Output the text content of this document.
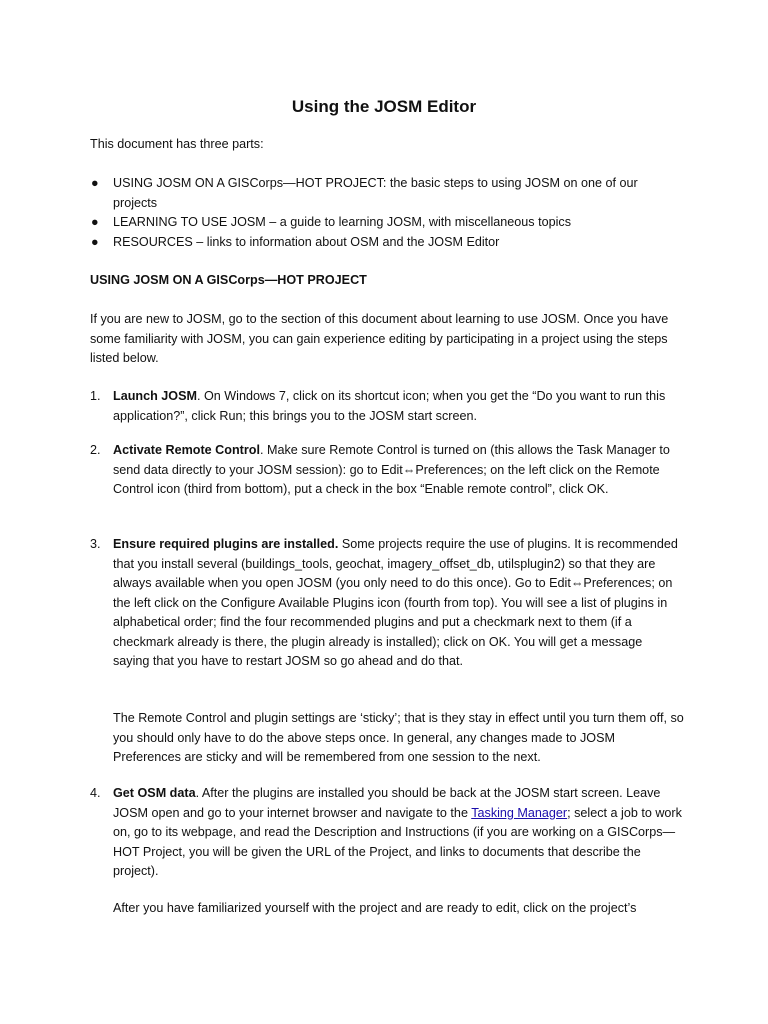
Using the JOSM Editor

This document has three parts:

● USING JOSM ON A GISCorps—HOT PROJECT: the basic steps to using JOSM on one of our projects
● LEARNING TO USE JOSM – a guide to learning JOSM, with miscellaneous topics
● RESOURCES – links to information about OSM and the JOSM Editor

USING JOSM ON A GISCorps—HOT PROJECT

If you are new to JOSM, go to the section of this document about learning to use JOSM. Once you have some familiarity with JOSM, you can gain experience editing by participating in a project using the steps listed below.

1. Launch JOSM. On Windows 7, click on its shortcut icon; when you get the “Do you want to run this application?”, click Run; this brings you to the JOSM start screen.
2. Activate Remote Control. Make sure Remote Control is turned on (this allows the Task Manager to send data directly to your JOSM session): go to Edit⇔Preferences; on the left click on the Remote Control icon (third from bottom), put a check in the box “Enable remote control”, click OK.
3. Ensure required plugins are installed. Some projects require the use of plugins. It is recommended that you install several (buildings_tools, geochat, imagery_offset_db, utilsplugin2) so that they are always available when you open JOSM (you only need to do this once). Go to Edit⇔Preferences; on the left click on the Configure Available Plugins icon (fourth from top). You will see a list of plugins in alphabetical order; find the four recommended plugins and put a checkmark next to them (if a checkmark already is there, the plugin already is installed); click on OK. You will get a message saying that you have to restart JOSM so go ahead and do that.

The Remote Control and plugin settings are ‘sticky’; that is they stay in effect until you turn them off, so you should only have to do the above steps once. In general, any changes made to JOSM Preferences are sticky and will be remembered from one session to the next.

4. Get OSM data. After the plugins are installed you should be back at the JOSM start screen. Leave JOSM open and go to your internet browser and navigate to the Tasking Manager; select a job to work on, go to its webpage, and read the Description and Instructions (if you are working on a GISCorps—HOT Project, you will be given the URL of the Project, and links to documents that describe the project).

After you have familiarized yourself with the project and are ready to edit, click on the project’s
